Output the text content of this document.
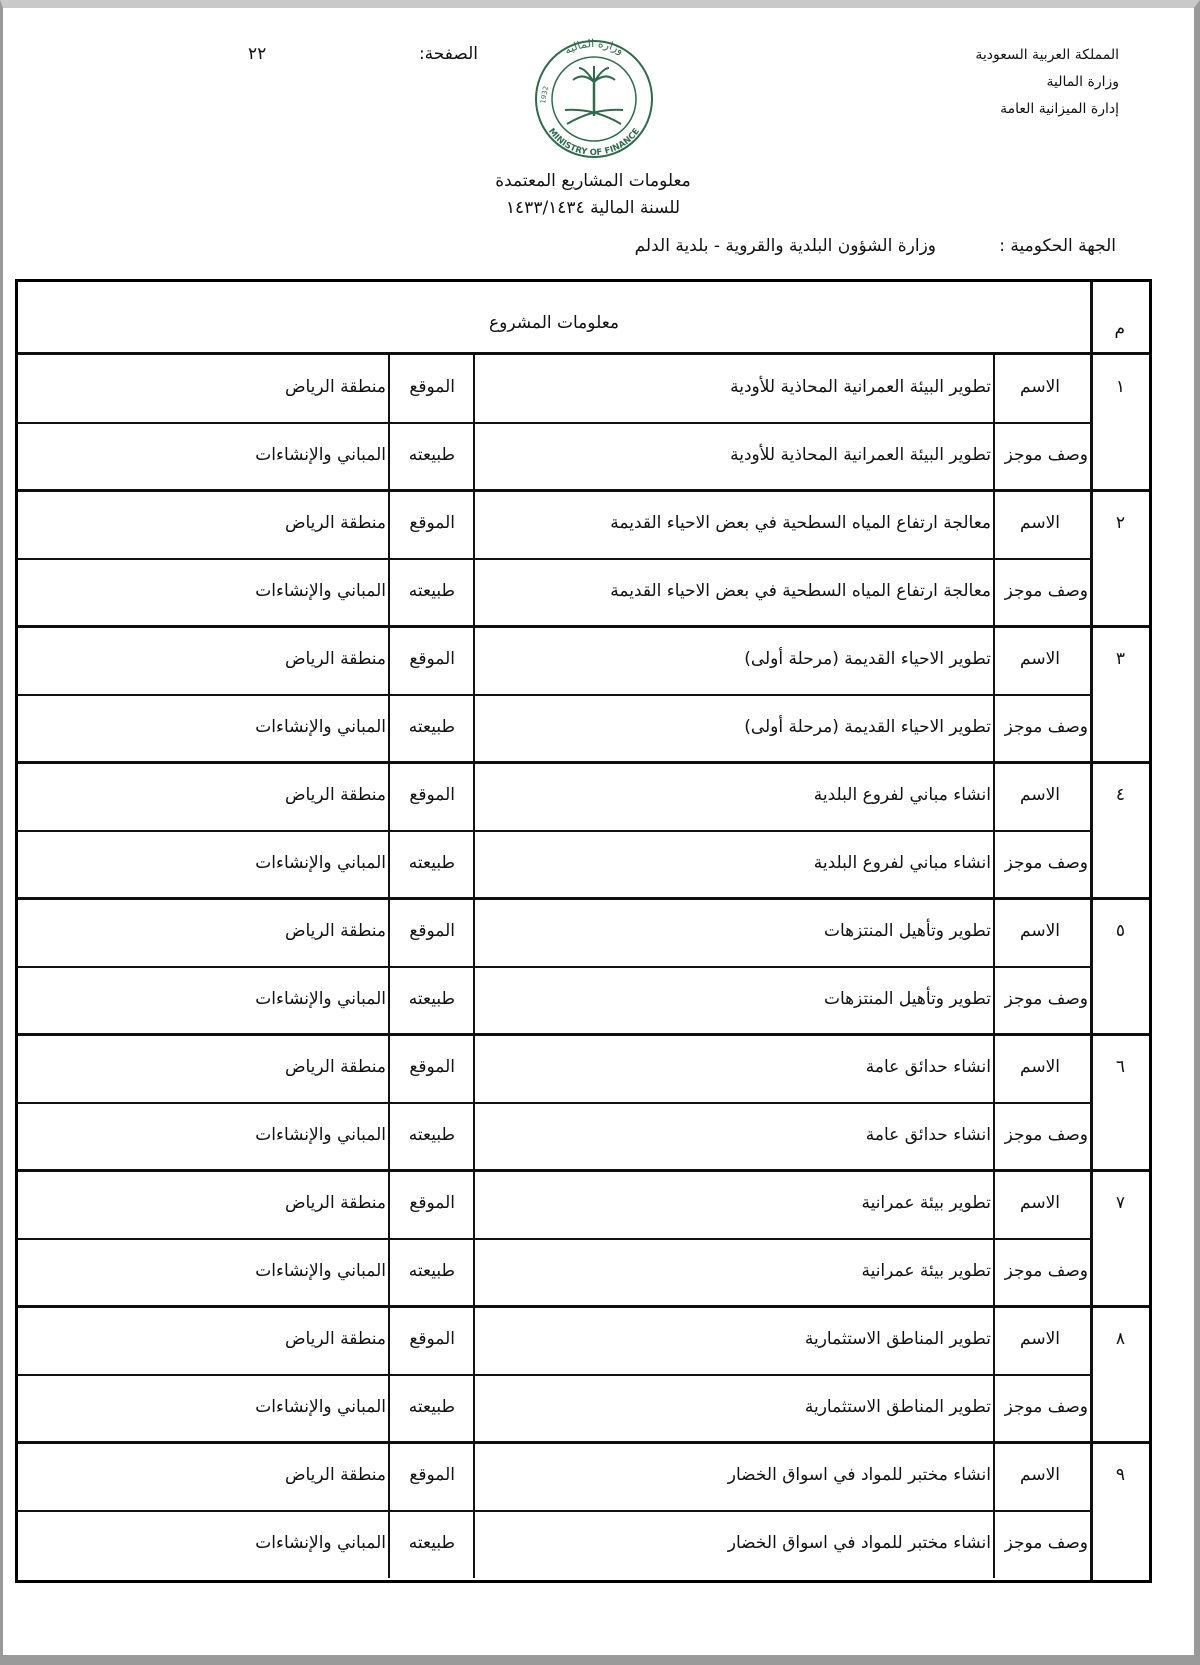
المملكة العربية السعودية
وزارة المالية
إدارة الميزانية العامة
الصفحة:
٢٢	وزارة المالية
MINISTRY OF FINANCE
1932
معلومات المشاريع المعتمدة
للسنة المالية ١٤٣٣/١٤٣٤
الجهة الحكومية :وزارة الشؤون البلدية والقروية - بلدية الدلم
م
معلومات المشروع
١
الاسم
تطوير البيئة العمرانية المحاذية للأودية
الموقع
منطقة الرياض
وصف موجز
تطوير البيئة العمرانية المحاذية للأودية
طبيعته
المباني والإنشاءات
٢
الاسم
معالجة ارتفاع المياه السطحية في بعض الاحياء القديمة
الموقع
منطقة الرياض
وصف موجز
معالجة ارتفاع المياه السطحية في بعض الاحياء القديمة
طبيعته
المباني والإنشاءات
٣
الاسم
تطوير الاحياء القديمة (مرحلة أولى)
الموقع
منطقة الرياض
وصف موجز
تطوير الاحياء القديمة (مرحلة أولى)
طبيعته
المباني والإنشاءات
٤
الاسم
انشاء مباني لفروع البلدية
الموقع
منطقة الرياض
وصف موجز
انشاء مباني لفروع البلدية
طبيعته
المباني والإنشاءات
٥
الاسم
تطوير وتأهيل المنتزهات
الموقع
منطقة الرياض
وصف موجز
تطوير وتأهيل المنتزهات
طبيعته
المباني والإنشاءات
٦
الاسم
انشاء حدائق عامة
الموقع
منطقة الرياض
وصف موجز
انشاء حدائق عامة
طبيعته
المباني والإنشاءات
٧
الاسم
تطوير بيئة عمرانية
الموقع
منطقة الرياض
وصف موجز
تطوير بيئة عمرانية
طبيعته
المباني والإنشاءات
٨
الاسم
تطوير المناطق الاستثمارية
الموقع
منطقة الرياض
وصف موجز
تطوير المناطق الاستثمارية
طبيعته
المباني والإنشاءات
٩
الاسم
انشاء مختبر للمواد في اسواق الخضار
الموقع
منطقة الرياض
وصف موجز
انشاء مختبر للمواد في اسواق الخضار
طبيعته
المباني والإنشاءات
